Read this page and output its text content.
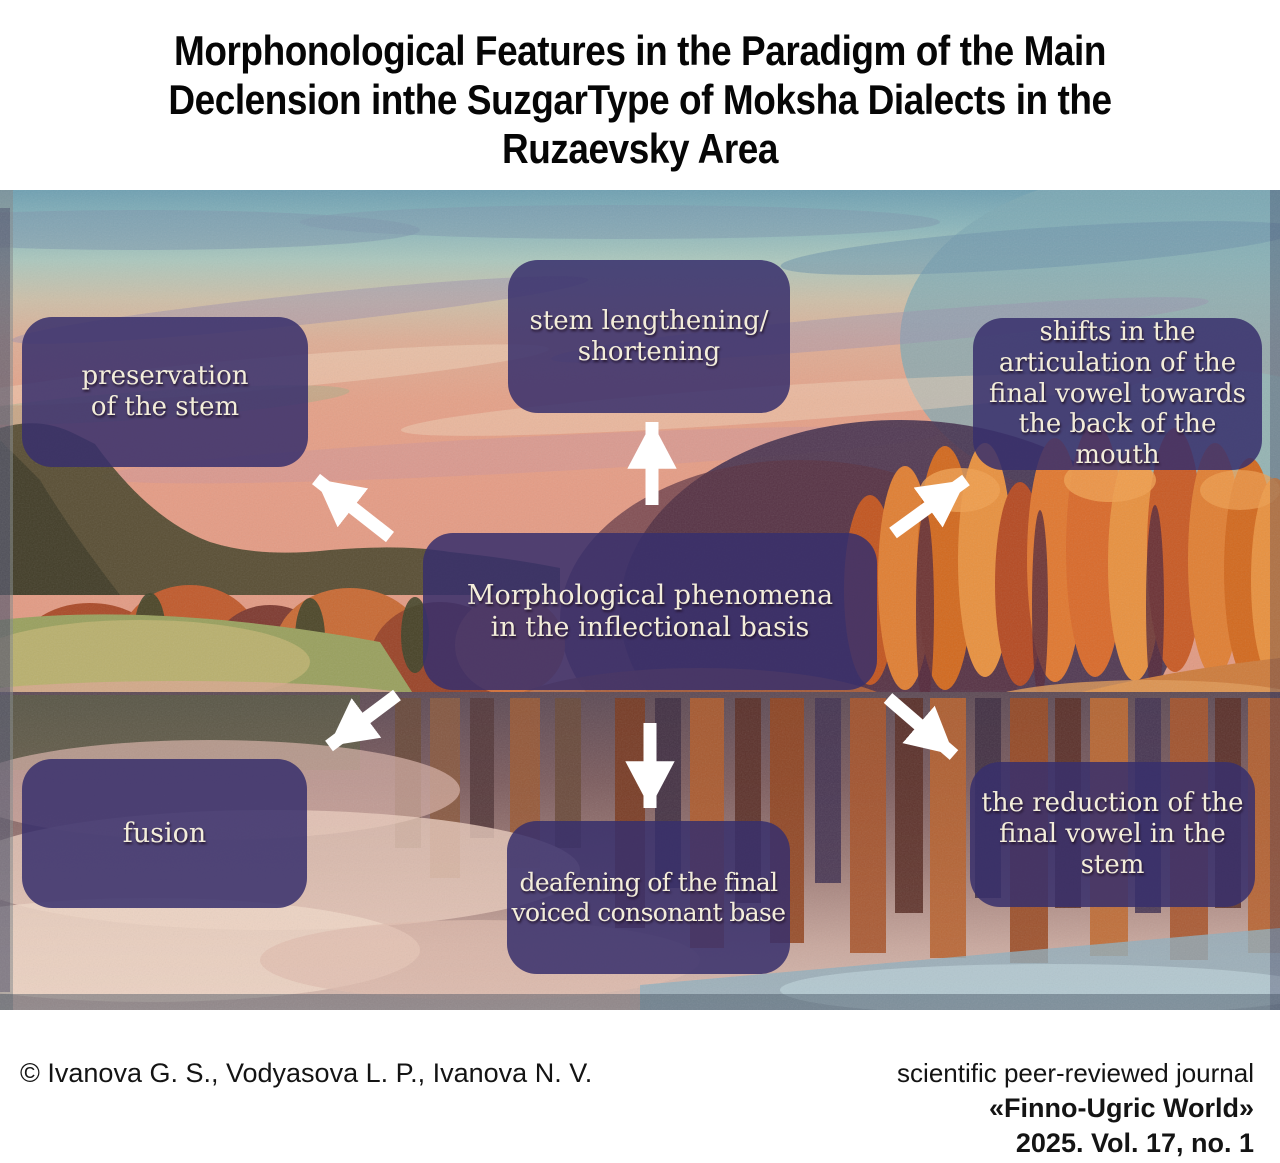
Morphonological Features in the Paradigm of the Main
Declension inthe SuzgarType of Moksha Dialects in the
Ruzaevsky Area
preservation of the stem
stem lengthening/ shortening
shifts in the articulation of the final vowel towards the back of the mouth
Morphological phenomena in the inflectional basis
fusion
deafening of the final voiced consonant base
the reduction of the final vowel in the stem
© Ivanova G. S., Vodyasova L. P., Ivanova N. V.	scientific peer-reviewed journal
«Finno-Ugric World»
2025. Vol. 17, no. 1
